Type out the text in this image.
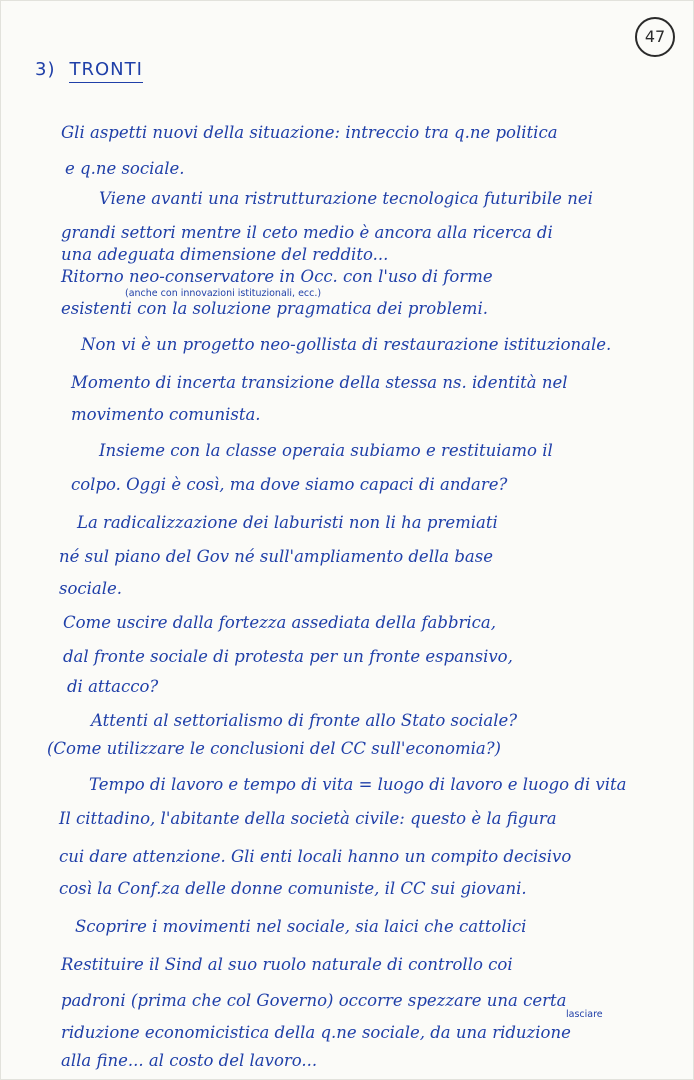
47
3) TRONTI
Gli aspetti nuovi della situazione: intreccio tra q.ne politica
e q.ne sociale.
Viene avanti una ristrutturazione tecnologica futuribile nei
grandi settori mentre il ceto medio è ancora alla ricerca di
una adeguata dimensione del reddito...
Ritorno neo-conservatore in Occ. con l'uso di forme
(anche con innovazioni istituzionali, ecc.)
esistenti con la soluzione pragmatica dei problemi.
Non vi è un progetto neo-gollista di restaurazione istituzionale.
Momento di incerta transizione della stessa ns. identità nel
movimento comunista.
Insieme con la classe operaia subiamo e restituiamo il
colpo. Oggi è così, ma dove siamo capaci di andare?
La radicalizzazione dei laburisti non li ha premiati
né sul piano del Gov né sull'ampliamento della base
sociale.
Come uscire dalla fortezza assediata della fabbrica,
dal fronte sociale di protesta per un fronte espansivo,
di attacco?
Attenti al settorialismo di fronte allo Stato sociale?
(Come utilizzare le conclusioni del CC sull'economia?)
Tempo di lavoro e tempo di vita = luogo di lavoro e luogo di vita
Il cittadino, l'abitante della società civile: questo è la figura
cui dare attenzione. Gli enti locali hanno un compito decisivo
così la Conf.za delle donne comuniste, il CC sui giovani.
Scoprire i movimenti nel sociale, sia laici che cattolici
Restituire il Sind al suo ruolo naturale di controllo coi
padroni (prima che col Governo) occorre spezzare una certa
lasciare
riduzione economicistica della q.ne sociale, da una riduzione
alla fine... al costo del lavoro...
